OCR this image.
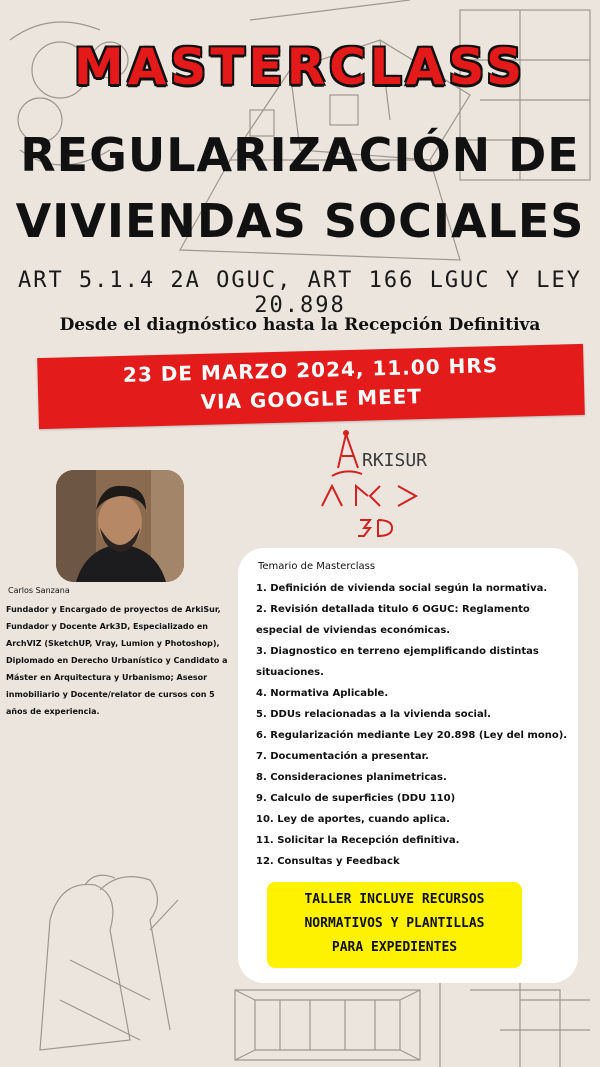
MASTERCLASS
REGULARIZACIÓN DE
VIVIENDAS SOCIALES
ART 5.1.4 2A OGUC, ART 166 LGUC Y LEY 20.898
Desde el diagnóstico hasta la Recepción Definitiva
23 DE MARZO 2024, 11.00 HRS
VIA GOOGLE MEET
RKISUR
Carlos Sanzana
Fundador y Encargado de proyectos de ArkiSur, Fundador y Docente Ark3D, Especializado en ArchVIZ (SketchUP, Vray, Lumion y Photoshop), Diplomado en Derecho Urbanístico y Candidato a Máster en Arquitectura y Urbanismo; Asesor inmobiliario y Docente/relator de cursos con 5 años de experiencia.
Temario de Masterclass
1. Definición de vivienda social según la normativa.
2. Revisión detallada titulo 6 OGUC: Reglamento especial de viviendas económicas.
3. Diagnostico en terreno ejemplificando distintas situaciones.
4. Normativa Aplicable.
5. DDUs relacionadas a la vivienda social.
6. Regularización mediante Ley 20.898 (Ley del mono).
7. Documentación a presentar.
8. Consideraciones planimetricas.
9. Calculo de superficies (DDU 110)
10. Ley de aportes, cuando aplica.
11. Solicitar la Recepción definitiva.
12. Consultas y Feedback
TALLER INCLUYE RECURSOS
NORMATIVOS Y PLANTILLAS
PARA EXPEDIENTES
